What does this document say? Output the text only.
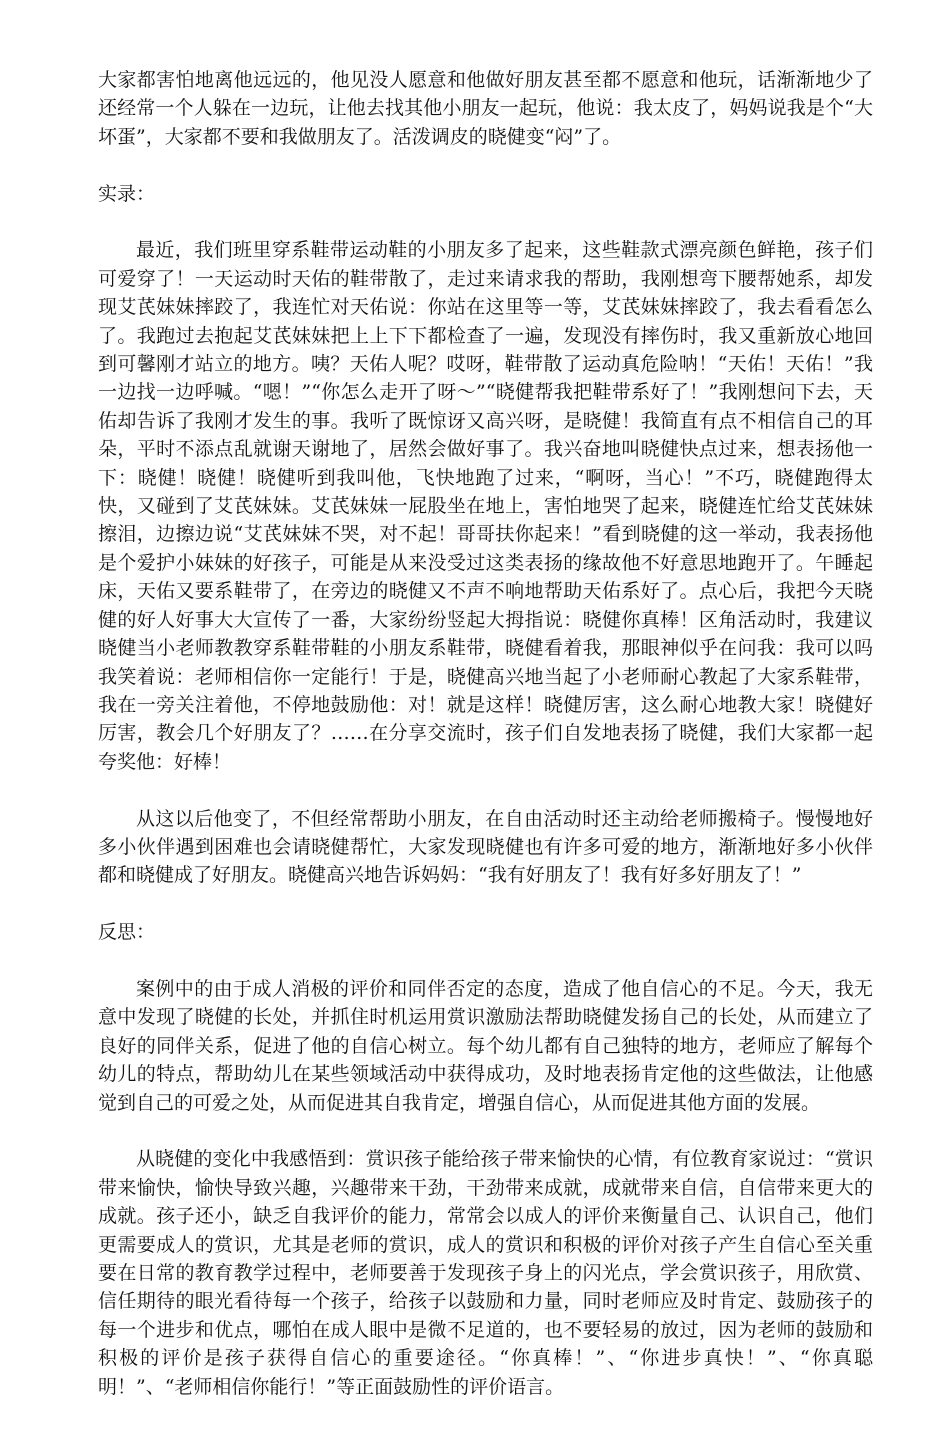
大家都害怕地离他远远的，他见没人愿意和他做好朋友甚至都不愿意和他玩，话渐渐地少了还经常一个人躲在一边玩，让他去找其他小朋友一起玩，他说：我太皮了，妈妈说我是个“大坏蛋”，大家都不要和我做朋友了。活泼调皮的晓健变“闷”了。

实录：

最近，我们班里穿系鞋带运动鞋的小朋友多了起来，这些鞋款式漂亮颜色鲜艳，孩子们可爱穿了！一天运动时天佑的鞋带散了，走过来请求我的帮助，我刚想弯下腰帮她系，却发现艾芪妹妹摔跤了，我连忙对天佑说：你站在这里等一等，艾芪妹妹摔跤了，我去看看怎么了。我跑过去抱起艾芪妹妹把上上下下都检查了一遍，发现没有摔伤时，我又重新放心地回到可馨刚才站立的地方。咦？天佑人呢？哎呀，鞋带散了运动真危险呐！“天佑！天佑！”我一边找一边呼喊。“嗯！”“你怎么走开了呀～”“晓健帮我把鞋带系好了！”我刚想问下去，天佑却告诉了我刚才发生的事。我听了既惊讶又高兴呀，是晓健！我简直有点不相信自己的耳朵，平时不添点乱就谢天谢地了，居然会做好事了。我兴奋地叫晓健快点过来，想表扬他一下：晓健！晓健！晓健听到我叫他，飞快地跑了过来，“啊呀，当心！”不巧，晓健跑得太快，又碰到了艾芪妹妹。艾芪妹妹一屁股坐在地上，害怕地哭了起来，晓健连忙给艾芪妹妹擦泪，边擦边说“艾芪妹妹不哭，对不起！哥哥扶你起来！”看到晓健的这一举动，我表扬他是个爱护小妹妹的好孩子，可能是从来没受过这类表扬的缘故他不好意思地跑开了。午睡起床，天佑又要系鞋带了，在旁边的晓健又不声不响地帮助天佑系好了。点心后，我把今天晓健的好人好事大大宣传了一番，大家纷纷竖起大拇指说：晓健你真棒！区角活动时，我建议晓健当小老师教教穿系鞋带鞋的小朋友系鞋带，晓健看着我，那眼神似乎在问我：我可以吗我笑着说：老师相信你一定能行！于是，晓健高兴地当起了小老师耐心教起了大家系鞋带，我在一旁关注着他，不停地鼓励他：对！就是这样！晓健厉害，这么耐心地教大家！晓健好厉害，教会几个好朋友了？……在分享交流时，孩子们自发地表扬了晓健，我们大家都一起夸奖他：好棒！

从这以后他变了，不但经常帮助小朋友，在自由活动时还主动给老师搬椅子。慢慢地好多小伙伴遇到困难也会请晓健帮忙，大家发现晓健也有许多可爱的地方，渐渐地好多小伙伴都和晓健成了好朋友。晓健高兴地告诉妈妈：“我有好朋友了！我有好多好朋友了！”

反思：

案例中的由于成人消极的评价和同伴否定的态度，造成了他自信心的不足。今天，我无意中发现了晓健的长处，并抓住时机运用赏识激励法帮助晓健发扬自己的长处，从而建立了良好的同伴关系，促进了他的自信心树立。每个幼儿都有自己独特的地方，老师应了解每个幼儿的特点，帮助幼儿在某些领域活动中获得成功，及时地表扬肯定他的这些做法，让他感觉到自己的可爱之处，从而促进其自我肯定，增强自信心，从而促进其他方面的发展。

从晓健的变化中我感悟到：赏识孩子能给孩子带来愉快的心情，有位教育家说过：“赏识带来愉快，愉快导致兴趣，兴趣带来干劲，干劲带来成就，成就带来自信，自信带来更大的成就。孩子还小，缺乏自我评价的能力，常常会以成人的评价来衡量自己、认识自己，他们更需要成人的赏识，尤其是老师的赏识，成人的赏识和积极的评价对孩子产生自信心至关重要在日常的教育教学过程中，老师要善于发现孩子身上的闪光点，学会赏识孩子，用欣赏、信任期待的眼光看待每一个孩子，给孩子以鼓励和力量，同时老师应及时肯定、鼓励孩子的每一个进步和优点，哪怕在成人眼中是微不足道的，也不要轻易的放过，因为老师的鼓励和积极的评价是孩子获得自信心的重要途径。“你真棒！”、“你进步真快！”、“你真聪明！”、“老师相信你能行！”等正面鼓励性的评价语言。
